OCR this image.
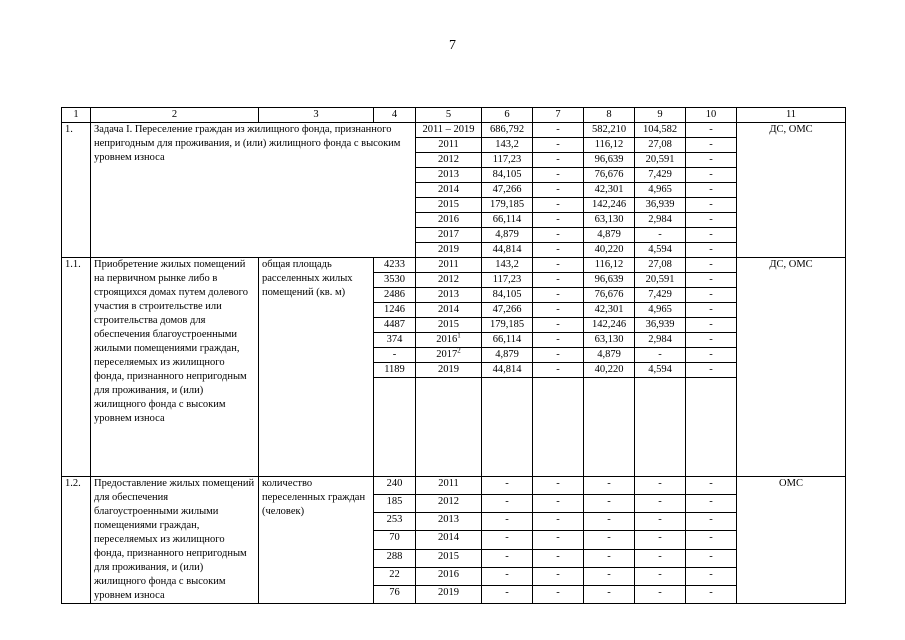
7
1	2	3	4	5	6	7	8	9	10	11
1.	Задача I. Переселение граждан из жилищного фонда, признанного непригодным для проживания, и (или) жилищного фонда с высоким уровнем износа			2011 – 2019	686,792	-	582,210	104,582	-	ДС, ОМС
				2011	143,2	-	116,12	27,08	-	
				2012	117,23	-	96,639	20,591	-	
				2013	84,105	-	76,676	7,429	-	
				2014	47,266	-	42,301	4,965	-	
				2015	179,185	-	142,246	36,939	-	
				2016	66,114	-	63,130	2,984	-	
				2017	4,879	-	4,879	-	-	
				2019	44,814	-	40,220	4,594	-	
1.1.	Приобретение жилых помещений на первичном рынке либо в строящихся домах путем долевого участия в строительстве или строительства домов для обеспечения благоустроенными жилыми помещениями граждан, переселяемых из жилищного фонда, признанного непригодным для проживания, и (или) жилищного фонда с высоким уровнем износа	общая площадь расселенных жилых помещений (кв. м)	4233	2011	143,2	-	116,12	27,08	-	ДС, ОМС
			3530	2012	117,23	-	96,639	20,591	-	
			2486	2013	84,105	-	76,676	7,429	-	
			1246	2014	47,266	-	42,301	4,965	-	
			4487	2015	179,185	-	142,246	36,939	-	
			374	2016$^1$	66,114	-	63,130	2,984	-	
			-	2017$^2$	4,879	-	4,879	-	-	
			1189	2019	44,814	-	40,220	4,594	-	

1.2.	Предоставление жилых помещений для обеспечения благоустроенными жилыми помещениями граждан, переселяемых из жилищного фонда, признанного непригодным для проживания, и (или) жилищного фонда с высоким уровнем износа	количество переселенных граждан (человек)	240	2011	-	-	-	-	-	ОМС
			185	2012	-	-	-	-	-	
			253	2013	-	-	-	-	-	
			70	2014	-	-	-	-	-	
			288	2015	-	-	-	-	-	
			22	2016	-	-	-	-	-	
			76	2019	-	-	-	-	-	
